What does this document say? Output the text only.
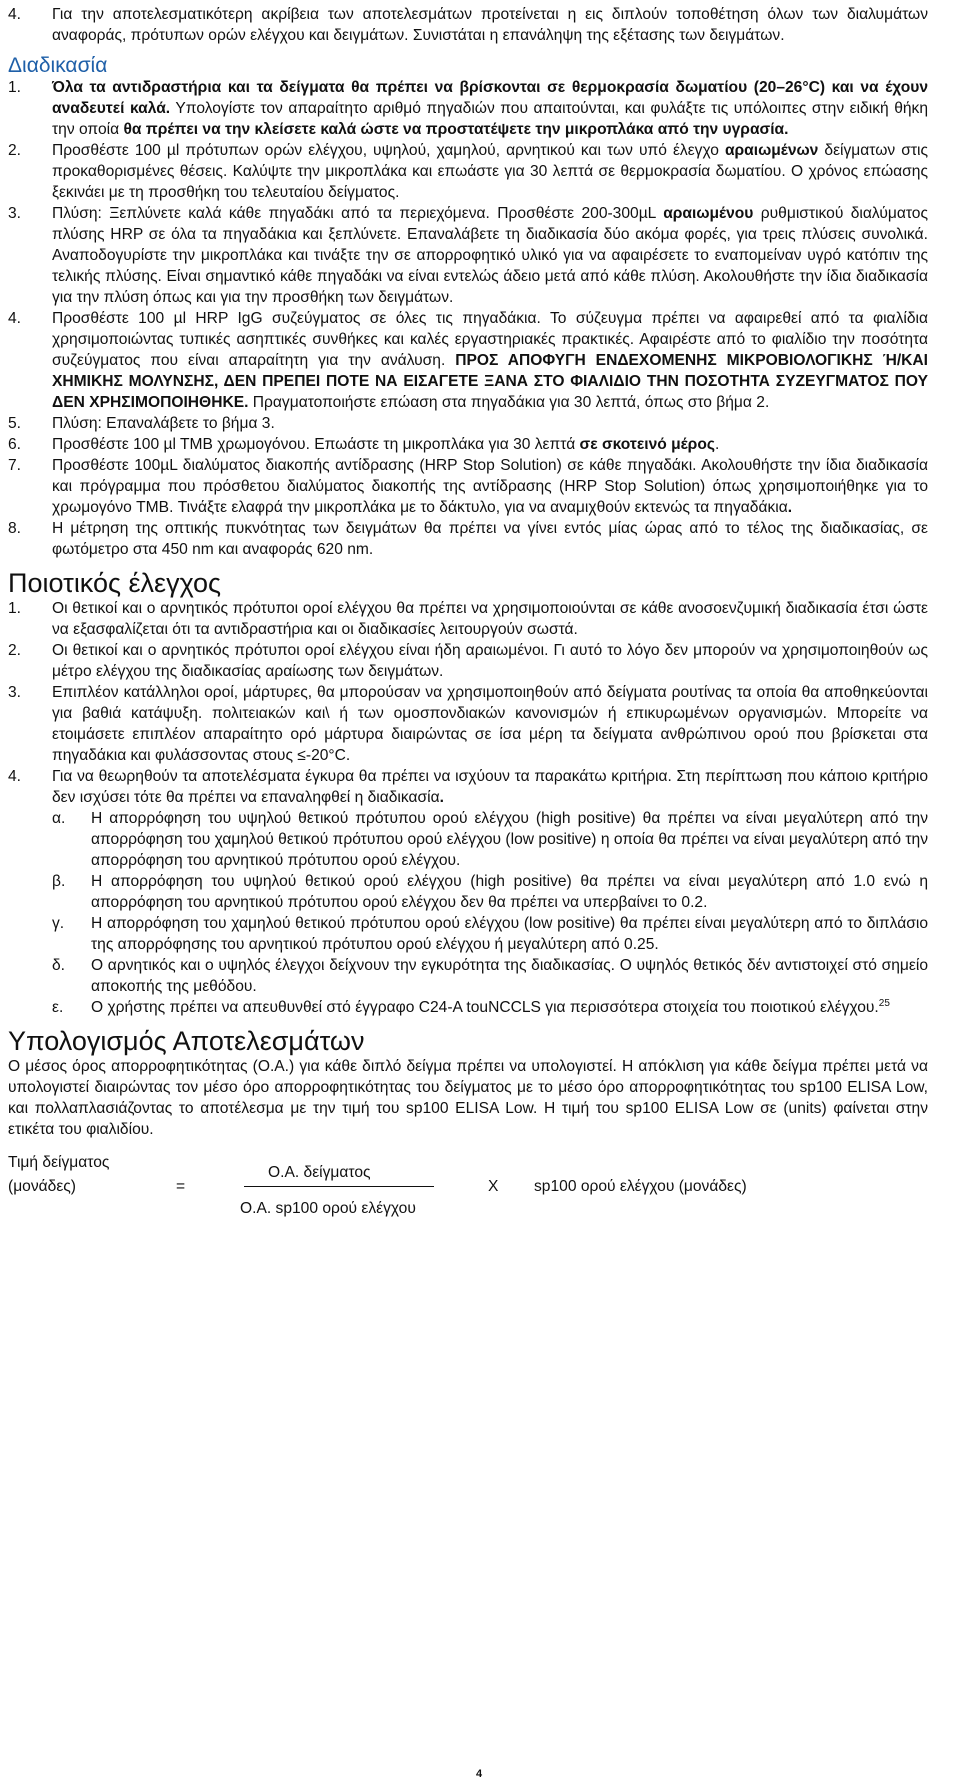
4.	Για την αποτελεσματικότερη ακρίβεια των αποτελεσμάτων προτείνεται η εις διπλούν τοποθέτηση όλων των διαλυμάτων αναφοράς, πρότυπων ορών ελέγχου και δειγμάτων. Συνιστάται η επανάληψη της εξέτασης των δειγμάτων.
Διαδικασία
1.	Όλα τα αντιδραστήρια και τα δείγματα θα πρέπει να βρίσκονται σε θερμοκρασία δωματίου (20–26°C) και να έχουν αναδευτεί καλά. Υπολογίστε τον απαραίτητο αριθμό πηγαδιών που απαιτούνται, και φυλάξτε τις υπόλοιπες στην ειδική θήκη την οποία θα πρέπει να την κλείσετε καλά ώστε να προστατέψετε την μικροπλάκα από την υγρασία.
2.	Προσθέστε 100 µl πρότυπων ορών ελέγχου, υψηλού, χαμηλού, αρνητικού και των υπό έλεγχο αραιωμένων δείγματων στις προκαθορισμένες θέσεις. Καλύψτε την μικροπλάκα και επωάστε για 30 λεπτά σε θερμοκρασία δωματίου. Ο χρόνος επώασης ξεκινάει με τη προσθήκη του τελευταίου δείγματος.
3.	Πλύση: Ξεπλύνετε καλά κάθε πηγαδάκι από τα περιεχόμενα. Προσθέστε 200-300µL αραιωμένου ρυθμιστικού διαλύματος πλύσης HRP σε όλα τα πηγαδάκια και ξεπλύνετε. Επαναλάβετε τη διαδικασία δύο ακόμα φορές, για τρεις πλύσεις συνολικά. Αναποδογυρίστε την μικροπλάκα και τινάξτε την σε απορροφητικό υλικό για να αφαιρέσετε το εναπομείναν υγρό κατόπιν της τελικής πλύσης. Είναι σημαντικό κάθε πηγαδάκι να είναι εντελώς άδειο μετά από κάθε πλύση. Ακολουθήστε την ίδια διαδικασία για την πλύση όπως και για την προσθήκη των δειγμάτων.
4.	Προσθέστε 100 µl HRP IgG συζεύγματος σε όλες τις πηγαδάκια. Το σύζευγμα πρέπει να αφαιρεθεί από τα φιαλίδια χρησιμοποιώντας τυπικές ασηπτικές συνθήκες και καλές εργαστηριακές πρακτικές. Αφαιρέστε από το φιαλίδιο την ποσότητα συζεύγματος που είναι απαραίτητη για την ανάλυση. ΠΡΟΣ ΑΠΟΦΥΓΗ ΕΝΔΕΧΟΜΕΝΗΣ ΜΙΚΡΟΒΙΟΛΟΓΙΚΗΣ Ή/ΚΑΙ ΧΗΜΙΚΗΣ ΜΟΛΥΝΣΗΣ, ΔΕΝ ΠΡΕΠΕΙ ΠΟΤΕ ΝΑ ΕΙΣΑΓΕΤΕ ΞΑΝΑ ΣΤΟ ΦΙΑΛΙΔΙΟ ΤΗΝ ΠΟΣΟΤΗΤΑ ΣΥΖΕΥΓΜΑΤΟΣ ΠΟΥ ΔΕΝ ΧΡΗΣΙΜΟΠΟΙΗΘΗΚΕ. Πραγματοποιήστε επώαση στα πηγαδάκια για 30 λεπτά, όπως στο βήμα 2.
5.	Πλύση: Επαναλάβετε το βήμα 3.
6.	Προσθέστε 100 µl TMB χρωμογόνου. Επωάστε τη μικροπλάκα για 30 λεπτά σε σκοτεινό μέρος.
7.	Προσθέστε 100µL διαλύματος διακοπής αντίδρασης (HRP Stop Solution) σε κάθε πηγαδάκι. Ακολουθήστε την ίδια διαδικασία και πρόγραμμα που πρόσθετου διαλύματος διακοπής της αντίδρασης (HRP Stop Solution) όπως χρησιμοποιήθηκε για το χρωμογόνο TMB. Τινάξτε ελαφρά την μικροπλάκα με το δάκτυλο, για να αναμιχθούν εκτενώς τα πηγαδάκια.
8.	Η μέτρηση της οπτικής πυκνότητας των δειγμάτων θα πρέπει να γίνει εντός μίας ώρας από το τέλος της διαδικασίας, σε φωτόμετρο στα 450 nm και αναφοράς 620 nm.
Ποιοτικός έλεγχος
1.	Οι θετικοί και ο αρνητικός πρότυποι οροί ελέγχου θα πρέπει να χρησιμοποιούνται σε κάθε ανοσοενζυμική διαδικασία έτσι ώστε να εξασφαλίζεται ότι τα αντιδραστήρια και οι διαδικασίες λειτουργούν σωστά.
2.	Οι θετικοί και ο αρνητικός πρότυποι οροί ελέγχου είναι ήδη αραιωμένοι. Γι αυτό το λόγο δεν μπορούν να χρησιμοποιηθούν ως μέτρο ελέγχου της διαδικασίας αραίωσης των δειγμάτων.
3.	Επιπλέον κατάλληλοι οροί, μάρτυρες, θα μπορούσαν να χρησιμοποιηθούν από δείγματα ρουτίνας τα οποία θα αποθηκεύονται για βαθιά κατάψυξη. πολιτειακών και\ ή των ομοσπονδιακών κανονισμών ή επικυρωμένων οργανισμών. Μπορείτε να ετοιμάσετε επιπλέον απαραίτητο ορό μάρτυρα διαιρώντας σε ίσα μέρη τα δείγματα ανθρώπινου ορού που βρίσκεται στα πηγαδάκια και φυλάσσοντας στους ≤-20°C.
4.	Για να θεωρηθούν τα αποτελέσματα έγκυρα θα πρέπει να ισχύουν τα παρακάτω κριτήρια. Στη περίπτωση που κάποιο κριτήριο δεν ισχύσει τότε θα πρέπει να επαναληφθεί η διαδικασία.
α.	Η απορρόφηση του υψηλού θετικού πρότυπου ορού ελέγχου (high positive) θα πρέπει να είναι μεγαλύτερη από την απορρόφηση του χαμηλού θετικού πρότυπου ορού ελέγχου (low positive) η οποία θα πρέπει να είναι μεγαλύτερη από την απορρόφηση του αρνητικού πρότυπου ορού ελέγχου.
β.	Η απορρόφηση του υψηλού θετικού ορού ελέγχου (high positive) θα πρέπει να είναι μεγαλύτερη από 1.0 ενώ η απορρόφηση του αρνητικού πρότυπου ορού ελέγχου δεν θα πρέπει να υπερβαίνει το 0.2.
γ.	Η απορρόφηση του χαμηλού θετικού πρότυπου ορού ελέγχου (low positive) θα πρέπει είναι μεγαλύτερη από το διπλάσιο της απορρόφησης του αρνητικού πρότυπου ορού ελέγχου ή μεγαλύτερη από 0.25.
δ.	Ο αρνητικός και ο υψηλός έλεγχοι δείχνουν την εγκυρότητα της διαδικασίας. Ο υψηλός θετικός δέν αντιστοιχεί στό σημείο αποκοπής της μεθόδου.
ε.	Ο χρήστης πρέπει να απευθυνθεί στό έγγραφο C24-A touNCCLS για περισσότερα στοιχεία του ποιοτικού ελέγχου.$^{25}$
Υπολογισμός Αποτελεσμάτων
Ο μέσος όρος απορροφητικότητας (Ο.Α.) για κάθε διπλό δείγμα πρέπει να υπολογιστεί. Η απόκλιση για κάθε δείγμα πρέπει μετά να υπολογιστεί διαιρώντας τον μέσο όρο απορροφητικότητας του δείγματος με το μέσο όρο απορροφητικότητας του sp100 ELISA Low, και πολλαπλασιάζοντας το αποτέλεσμα με την τιμή του sp100 ELISA Low. Η τιμή του sp100 ELISA Low σε (units) φαίνεται στην ετικέτα του φιαλιδίου.
Τιμή δείγματος
(μονάδες)	=
Ο.Α. δείγματος
Ο.Α. sp100 ορού ελέγχου
X sp100 ορού ελέγχου (μονάδες)
4
